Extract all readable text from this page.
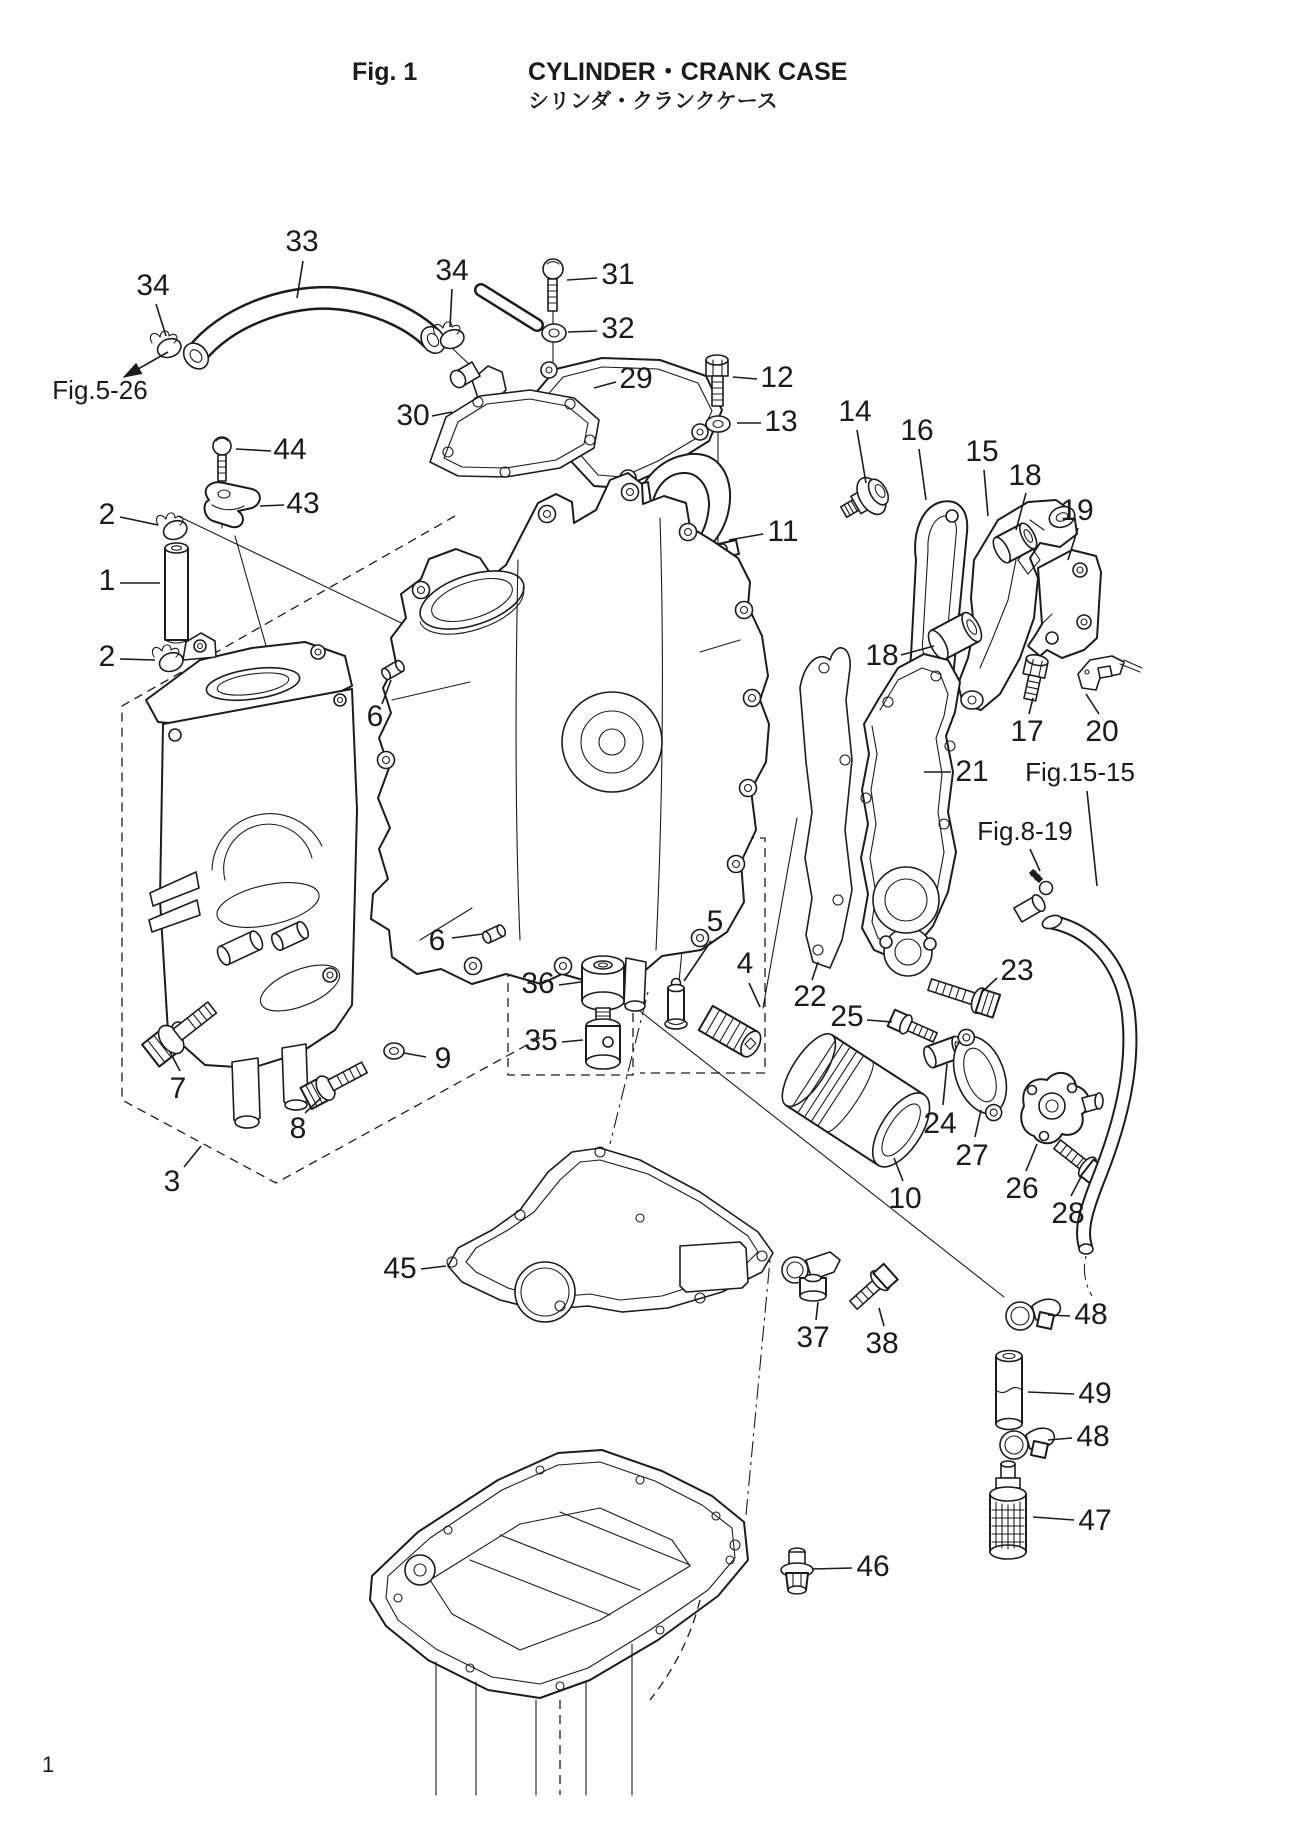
33
34	34	31
32
29	12
13
30
11
44
43
2
1
2
14
16
15
18
19
18
17 20
21
6
6
36
35
5
4
22
23
25
24
27
10	26
28
7
9
8
3
45
37 38
46
48
49
48
47
Fig.5-26
Fig.15-15
Fig.8-19
Fig. 1	CYLINDER・CRANK CASE
シリンダ・クランクケース
1
